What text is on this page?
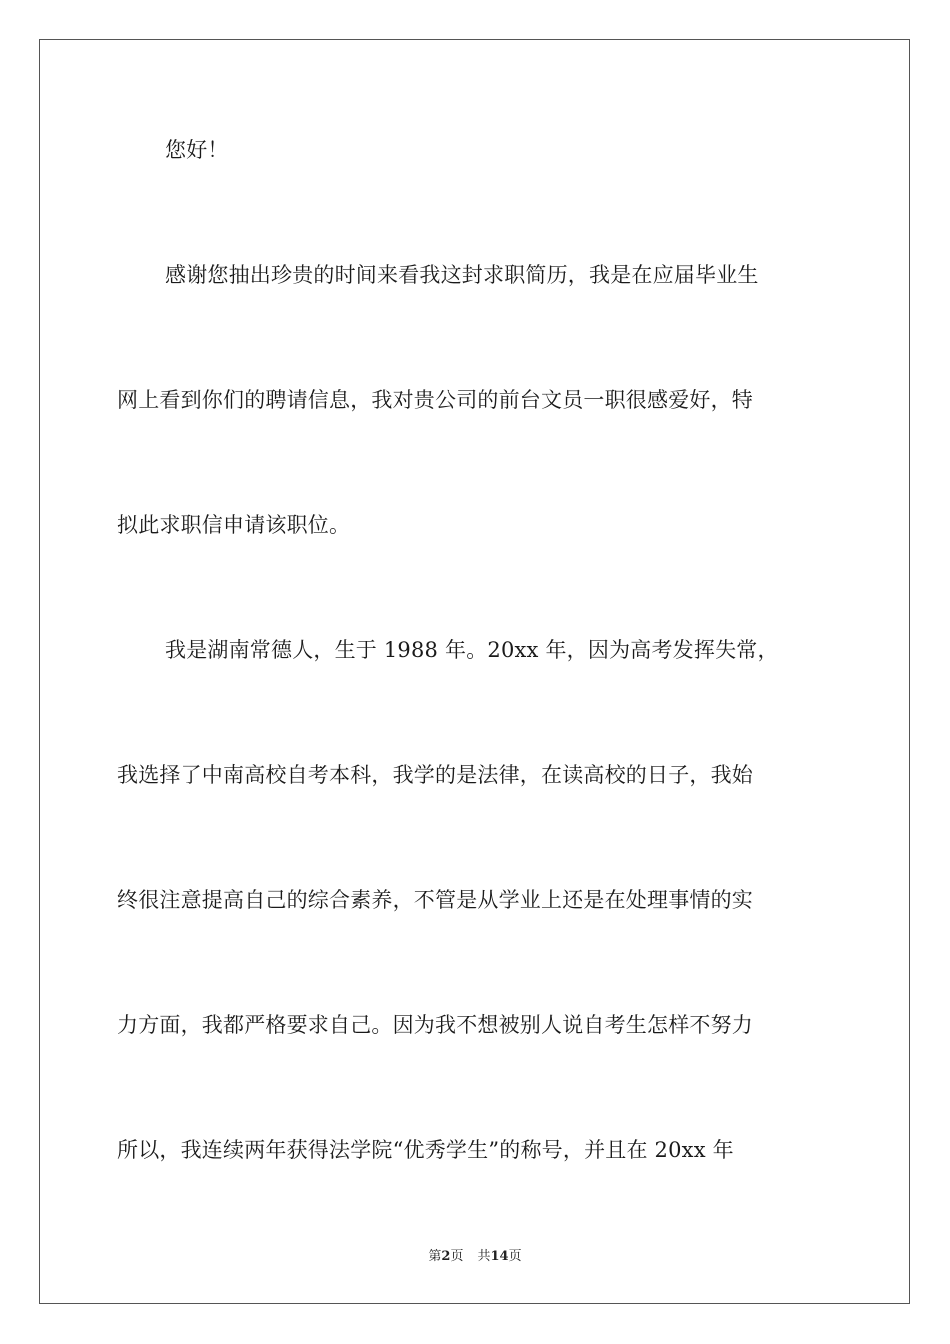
您好！
感谢您抽出珍贵的时间来看我这封求职简历，我是在应届毕业生
网上看到你们的聘请信息，我对贵公司的前台文员一职很感爱好，特
拟此求职信申请该职位。
我是湖南常德人，生于 1988 年。20xx 年，因为高考发挥失常，
我选择了中南高校自考本科，我学的是法律，在读高校的日子，我始
终很注意提高自己的综合素养，不管是从学业上还是在处理事情的实
力方面，我都严格要求自己。因为我不想被别人说自考生怎样不努力
所以，我连续两年获得法学院“优秀学生”的称号，并且在 20xx 年
第2页 共14页
